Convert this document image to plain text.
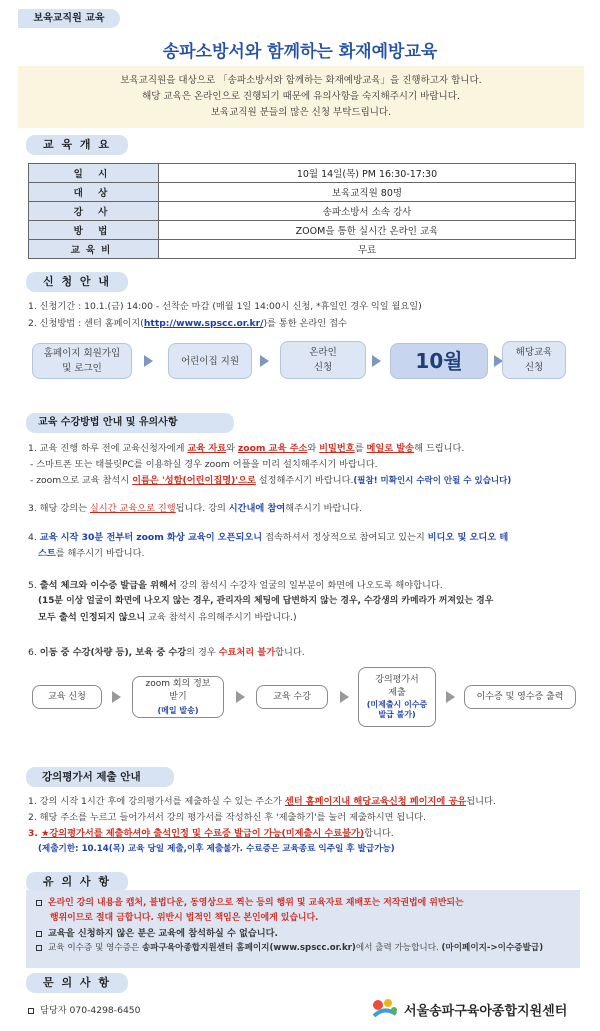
보육교직원 교육
송파소방서와 함께하는 화재예방교육
보육교직원을 대상으로 「송파소방서와 함께하는 화재예방교육」을 진행하고자 합니다.
해당 교육은 온라인으로 진행되기 때문에 유의사항을 숙지해주시기 바랍니다.
보육교직원 분들의 많은 신청 부탁드립니다.
교 육 개 요
일 시	10월 14일(목) PM 16:30-17:30
대 상	보육교직원 80명
강 사	송파소방서 소속 강사
방 법	ZOOM을 통한 실시간 온라인 교육
교육비	무료
신 청 안 내
1. 신청기간 : 10.1.(금) 14:00 - 선착순 마감 (매월 1일 14:00시 신청, *휴일인 경우 익일 월요일)
2. 신청방법 : 센터 홈페이지(http://www.spscc.or.kr/)를 통한 온라인 접수
홈페이지 회원가입
및 로그인
어린이집 지원
온라인
신청	10월	해당교육
신청
교육 수강방법 안내 및 유의사항
1. 교육 진행 하루 전에 교육신청자에게 교육 자료와 zoom 교육 주소와 비밀번호를 메일로 발송해 드립니다.
- 스마트폰 또는 태블릿PC를 이용하실 경우 zoom 어플을 미리 설치해주시기 바랍니다.
- zoom으로 교육 참석시 이름은 '성함(어린이집명)'으로 설정해주시기 바랍니다.(필참! 미확인시 수락이 안될 수 있습니다)
3. 해당 강의는 실시간 교육으로 진행됩니다. 강의 시간내에 참여해주시기 바랍니다.
4. 교육 시작 30분 전부터 zoom 화상 교육이 오픈되오니 접속하셔서 정상적으로 참여되고 있는지 비디오 및 오디오 테
스트를 해주시기 바랍니다.
5. 출석 체크와 이수증 발급을 위해서 강의 참석시 수강자 얼굴의 일부분이 화면에 나오도록 해야합니다.
(15분 이상 얼굴이 화면에 나오지 않는 경우, 관리자의 체팅에 답변하지 않는 경우, 수강생의 카메라가 꺼져있는 경우
모두 출석 인정되지 않으니 교육 참석시 유의해주시기 바랍니다.)
6. 이동 중 수강(차량 등), 보육 중 수강의 경우 수료처리 불가합니다.
교육 신청
zoom 회의 정보
받기
(메일 발송)
교육 수강
강의평가서
제출
(미제출시 이수증
발급 불가)
이수증 및 영수증 출력
강의평가서 제출 안내
1. 강의 시작 1시간 후에 강의평가서를 제출하실 수 있는 주소가 센터 홈페이지내 해당교육신청 페이지에 공유됩니다.
2. 해당 주소를 누르고 들어가셔서 강의 평가서를 작성하신 후 '제출하기'를 눌러 제출하시면 됩니다.
3. ★강의평가서를 제출하셔야 출석인정 및 수료증 발급이 가능(미제출시 수료불가)합니다.
(제출기한: 10.14(목) 교육 당일 제출,이후 제출불가. 수료증은 교육종료 익주일 후 발급가능)
유 의 사 항
온라인 강의 내용을 캡처, 불법다운, 동영상으로 찍는 등의 행위 및 교육자료 재배포는 저작권법에 위반되는
행위이므로 절대 금합니다. 위반시 법적인 책임은 본인에게 있습니다.
교육을 신청하지 않은 분은 교육에 참석하실 수 없습니다.
교육 이수증 및 영수증은 송파구육아종합지원센터 홈페이지(www.spscc.or.kr)에서 출력 가능합니다. (마이페이지->이수증발급)
문 의 사 항
담당자 070-4298-6450	서울송파구육아종합지원센터
